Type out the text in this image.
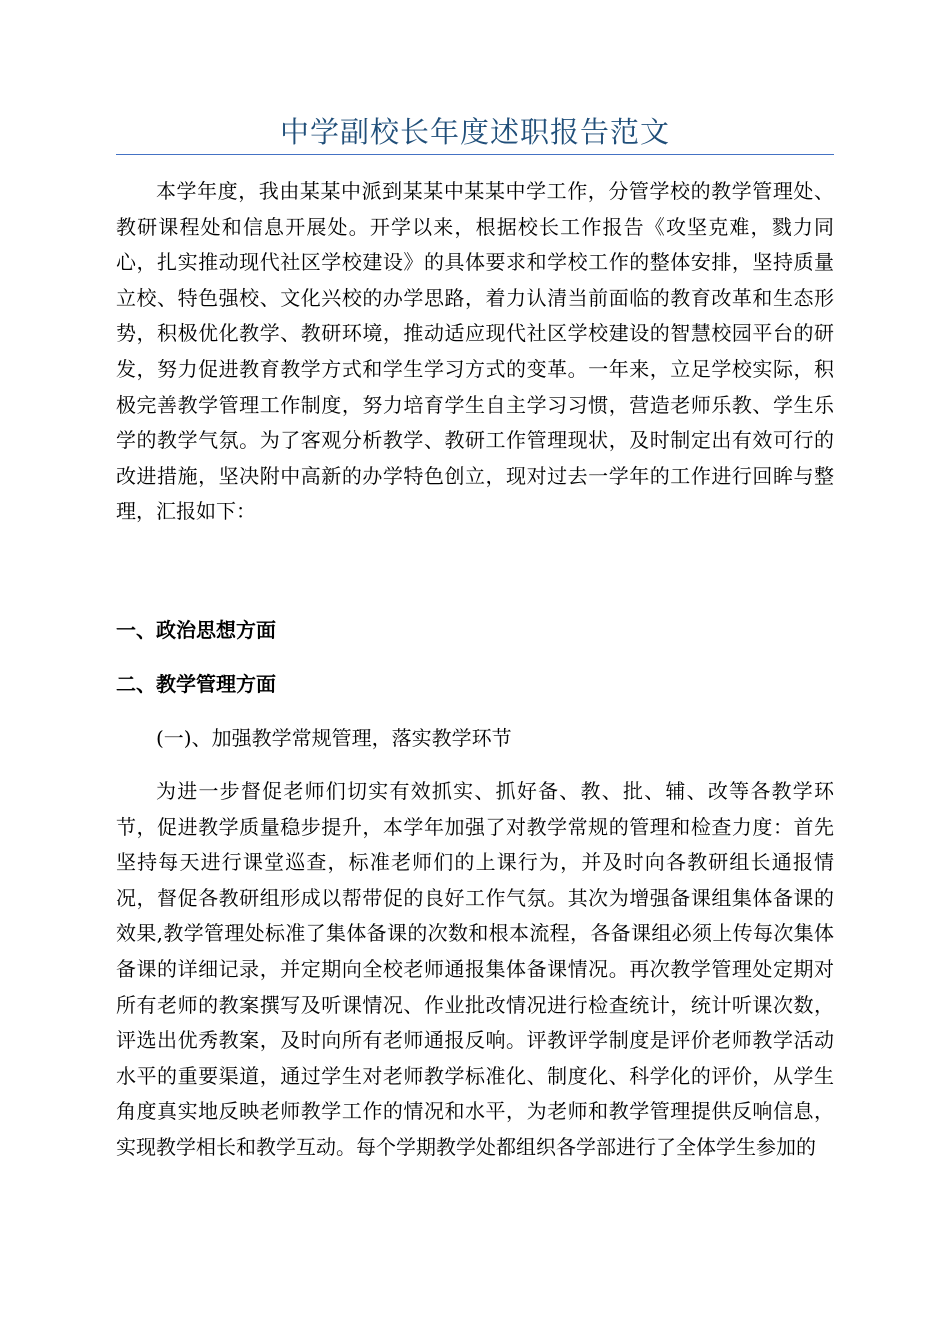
中学副校长年度述职报告范文

本学年度，我由某某中派到某某中某某中学工作，分管学校的教学管理处、教研课程处和信息开展处。开学以来，根据校长工作报告《攻坚克难，戮力同心，扎实推动现代社区学校建设》的具体要求和学校工作的整体安排，坚持质量立校、特色强校、文化兴校的办学思路，着力认清当前面临的教育改革和生态形势，积极优化教学、教研环境，推动适应现代社区学校建设的智慧校园平台的研发，努力促进教育教学方式和学生学习方式的变革。一年来，立足学校实际，积极完善教学管理工作制度，努力培育学生自主学习习惯，营造老师乐教、学生乐学的教学气氛。为了客观分析教学、教研工作管理现状，及时制定出有效可行的改进措施，坚决附中高新的办学特色创立，现对过去一学年的工作进行回眸与整理，汇报如下：

一、政治思想方面

二、教学管理方面

(一)、加强教学常规管理，落实教学环节

为进一步督促老师们切实有效抓实、抓好备、教、批、辅、改等各教学环节，促进教学质量稳步提升，本学年加强了对教学常规的管理和检查力度：首先坚持每天进行课堂巡查，标准老师们的上课行为，并及时向各教研组长通报情况，督促各教研组形成以帮带促的良好工作气氛。其次为增强备课组集体备课的效果,教学管理处标准了集体备课的次数和根本流程，各备课组必须上传每次集体备课的详细记录，并定期向全校老师通报集体备课情况。再次教学管理处定期对所有老师的教案撰写及听课情况、作业批改情况进行检查统计，统计听课次数，评选出优秀教案，及时向所有老师通报反响。评教评学制度是评价老师教学活动水平的重要渠道，通过学生对老师教学标准化、制度化、科学化的评价，从学生角度真实地反映老师教学工作的情况和水平，为老师和教学管理提供反响信息，实现教学相长和教学互动。每个学期教学处都组织各学部进行了全体学生参加的
